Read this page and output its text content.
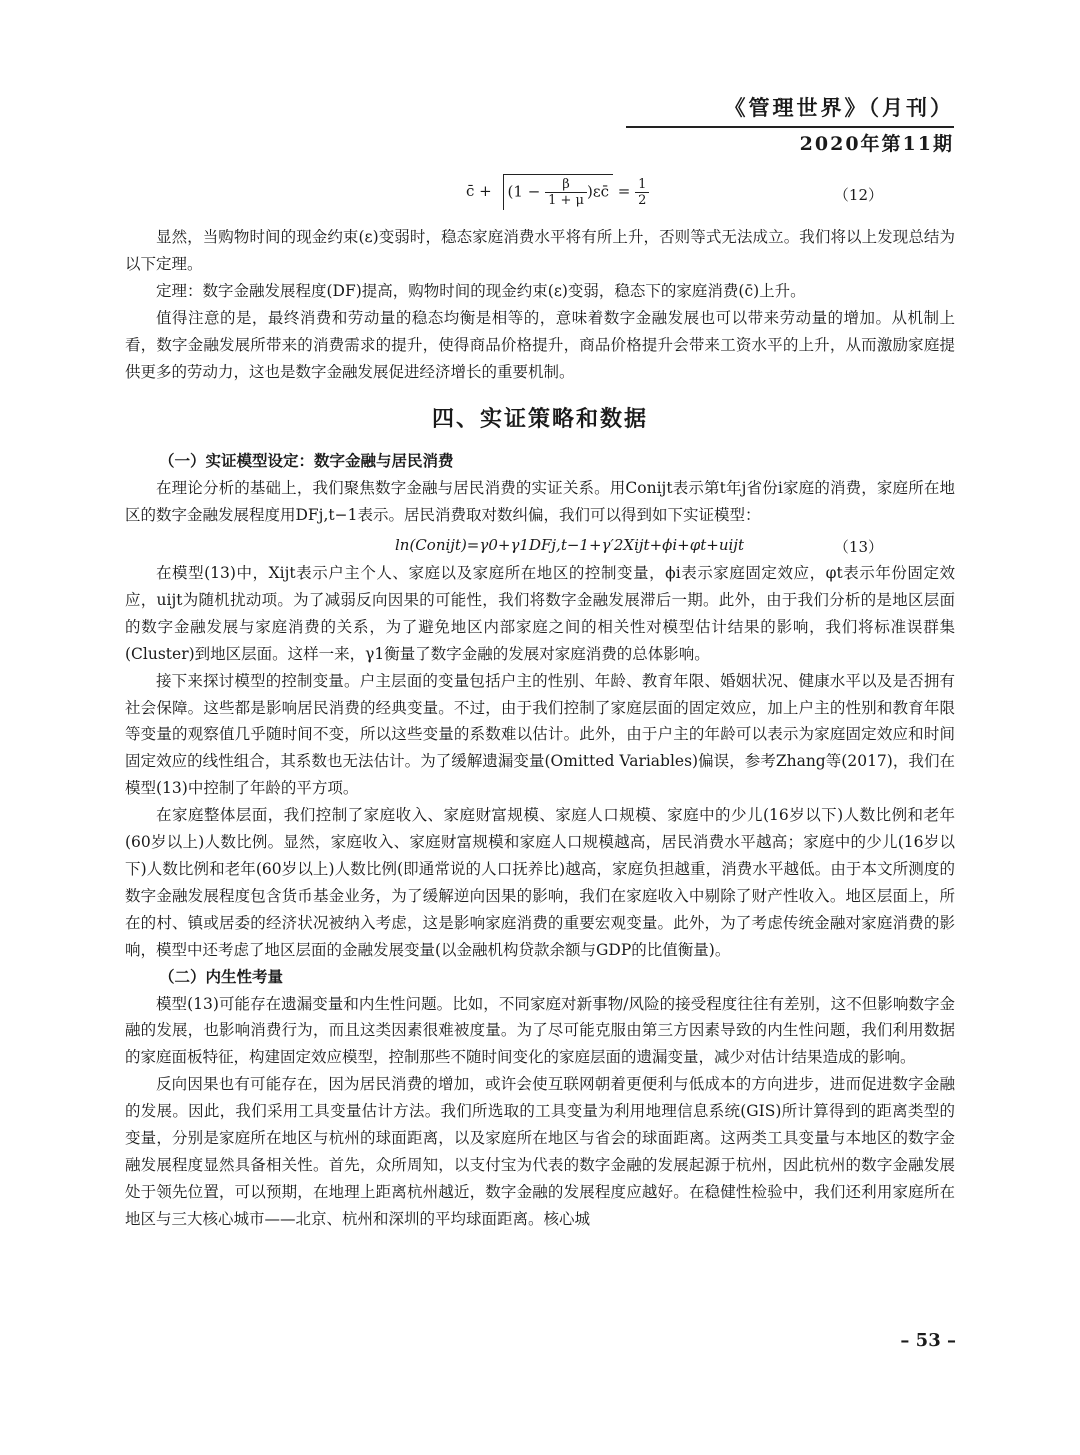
《管理世界》（月刊）
2020年第11期
c̄ + ($1 - \frac{\beta}{1 + \mu}$ )εc̄ = $\frac{1}{2}$	（12）

显然，当购物时间的现金约束(ε)变弱时，稳态家庭消费水平将有所上升，否则等式无法成立。我们将以上发现总结为以下定理。

定理：数字金融发展程度(DF)提高，购物时间的现金约束(ε)变弱，稳态下的家庭消费(c̄)上升。

值得注意的是，最终消费和劳动量的稳态均衡是相等的，意味着数字金融发展也可以带来劳动量的增加。从机制上看，数字金融发展所带来的消费需求的提升，使得商品价格提升，商品价格提升会带来工资水平的上升，从而激励家庭提供更多的劳动力，这也是数字金融发展促进经济增长的重要机制。

四、实证策略和数据

（一）实证模型设定：数字金融与居民消费

在理论分析的基础上，我们聚焦数字金融与居民消费的实证关系。用Conijt表示第t年j省份i家庭的消费，家庭所在地区的数字金融发展程度用DFj,t−1表示。居民消费取对数纠偏，我们可以得到如下实证模型：

ln(Conijt)=γ0+γ1DFj,t−1+γ′2Xijt+ϕi+φt+uijt	（13）

在模型(13)中，Xijt表示户主个人、家庭以及家庭所在地区的控制变量，ϕi表示家庭固定效应，φt表示年份固定效应，uijt为随机扰动项。为了减弱反向因果的可能性，我们将数字金融发展滞后一期。此外，由于我们分析的是地区层面的数字金融发展与家庭消费的关系，为了避免地区内部家庭之间的相关性对模型估计结果的影响，我们将标准误群集(Cluster)到地区层面。这样一来，γ1衡量了数字金融的发展对家庭消费的总体影响。

接下来探讨模型的控制变量。户主层面的变量包括户主的性别、年龄、教育年限、婚姻状况、健康水平以及是否拥有社会保障。这些都是影响居民消费的经典变量。不过，由于我们控制了家庭层面的固定效应，加上户主的性别和教育年限等变量的观察值几乎随时间不变，所以这些变量的系数难以估计。此外，由于户主的年龄可以表示为家庭固定效应和时间固定效应的线性组合，其系数也无法估计。为了缓解遗漏变量(Omitted Variables)偏误，参考Zhang等(2017)，我们在模型(13)中控制了年龄的平方项。

在家庭整体层面，我们控制了家庭收入、家庭财富规模、家庭人口规模、家庭中的少儿(16岁以下)人数比例和老年(60岁以上)人数比例。显然，家庭收入、家庭财富规模和家庭人口规模越高，居民消费水平越高；家庭中的少儿(16岁以下)人数比例和老年(60岁以上)人数比例(即通常说的人口抚养比)越高，家庭负担越重，消费水平越低。由于本文所测度的数字金融发展程度包含货币基金业务，为了缓解逆向因果的影响，我们在家庭收入中剔除了财产性收入。地区层面上，所在的村、镇或居委的经济状况被纳入考虑，这是影响家庭消费的重要宏观变量。此外，为了考虑传统金融对家庭消费的影响，模型中还考虑了地区层面的金融发展变量(以金融机构贷款余额与GDP的比值衡量)。

（二）内生性考量

模型(13)可能存在遗漏变量和内生性问题。比如，不同家庭对新事物/风险的接受程度往往有差别，这不但影响数字金融的发展，也影响消费行为，而且这类因素很难被度量。为了尽可能克服由第三方因素导致的内生性问题，我们利用数据的家庭面板特征，构建固定效应模型，控制那些不随时间变化的家庭层面的遗漏变量，减少对估计结果造成的影响。

反向因果也有可能存在，因为居民消费的增加，或许会使互联网朝着更便利与低成本的方向进步，进而促进数字金融的发展。因此，我们采用工具变量估计方法。我们所选取的工具变量为利用地理信息系统(GIS)所计算得到的距离类型的变量，分别是家庭所在地区与杭州的球面距离，以及家庭所在地区与省会的球面距离。这两类工具变量与本地区的数字金融发展程度显然具备相关性。首先，众所周知，以支付宝为代表的数字金融的发展起源于杭州，因此杭州的数字金融发展处于领先位置，可以预期，在地理上距离杭州越近，数字金融的发展程度应越好。在稳健性检验中，我们还利用家庭所在地区与三大核心城市——北京、杭州和深圳的平均球面距离。核心城

– 53 –
